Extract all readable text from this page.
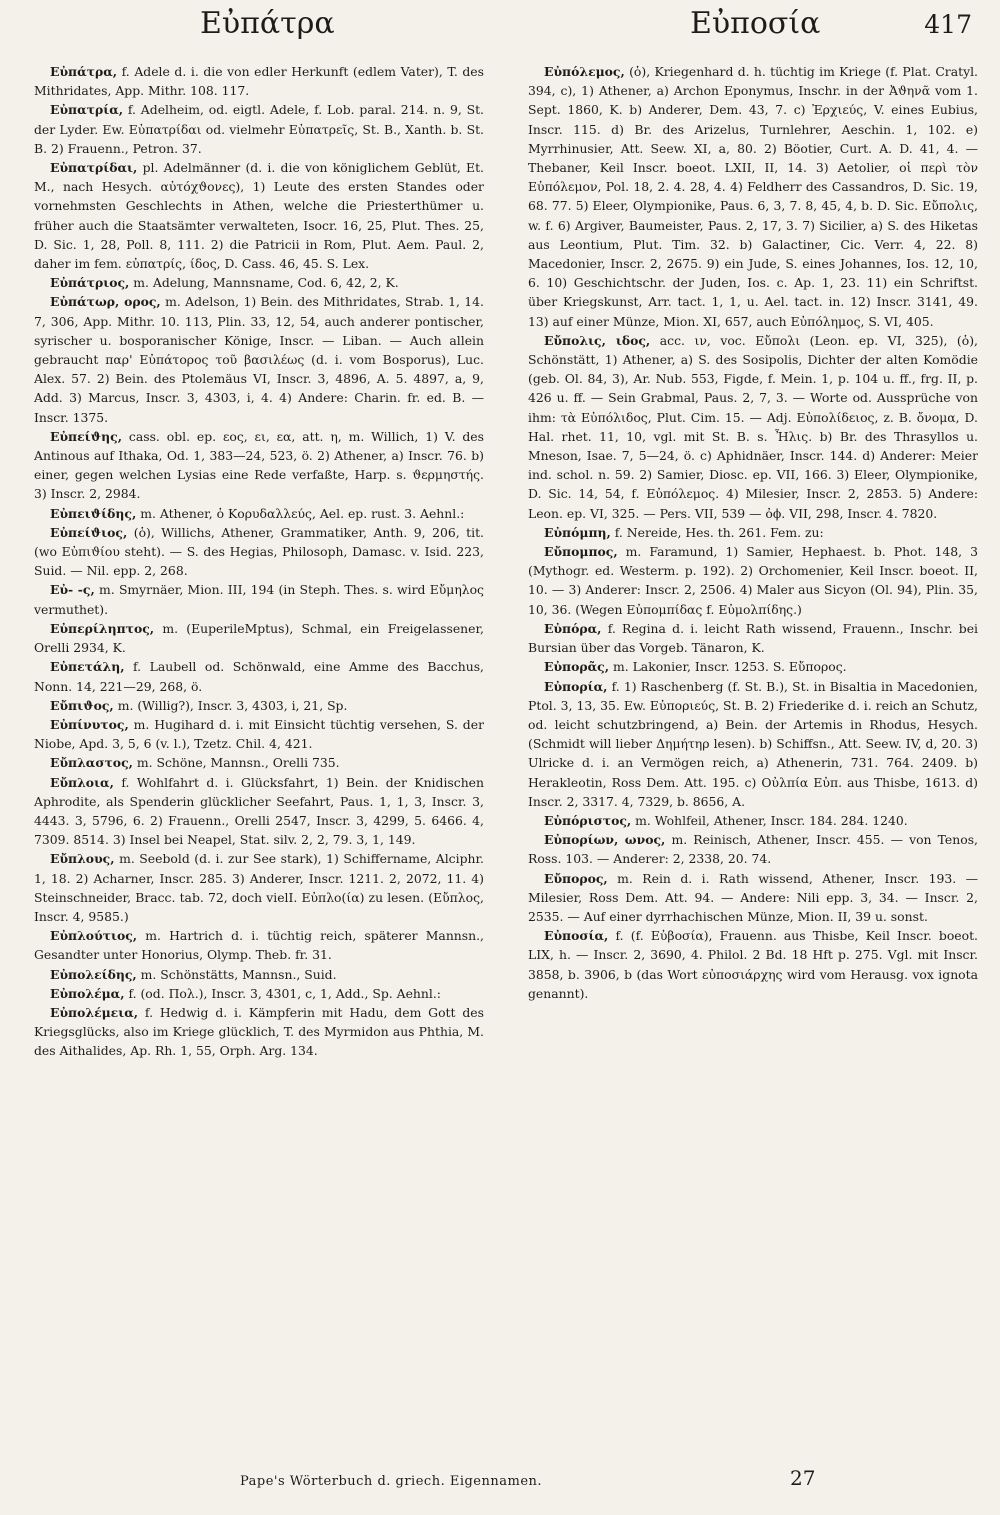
Εὐπάτρα	Εὐποσία	417

Εὐπάτρα, f. Adele d. i. die von edler Herkunft (edlem Vater), T. des Mithridates, App. Mithr. 108. 117.

Εὐπατρία, f. Adelheim, od. eigtl. Adele, f. Lob. paral. 214. n. 9, St. der Lyder. Ew. Εὐπατρίδαι od. vielmehr Εὐπατρεῖς, St. B., Xanth. b. St. B. 2) Frauenn., Petron. 37.

Εὐπατρίδαι, pl. Adelmänner (d. i. die von königlichem Geblüt, Et. M., nach Hesych. αὐτόχϑονες), 1) Leute des ersten Standes oder vornehmsten Geschlechts in Athen, welche die Priesterthümer u. früher auch die Staatsämter verwalteten, Isocr. 16, 25, Plut. Thes. 25, D. Sic. 1, 28, Poll. 8, 111. 2) die Patricii in Rom, Plut. Aem. Paul. 2, daher im fem. εὐπατρίς, ίδος, D. Cass. 46, 45. S. Lex.

Εὐπάτριος, m. Adelung, Mannsname, Cod. 6, 42, 2, K.

Εὐπάτωρ, ορος, m. Adelson, 1) Bein. des Mithridates, Strab. 1, 14. 7, 306, App. Mithr. 10. 113, Plin. 33, 12, 54, auch anderer pontischer, syrischer u. bosporanischer Könige, Inscr. — Liban. — Auch allein gebraucht παρ' Εὐπάτορος τοῦ βασιλέως (d. i. vom Bosporus), Luc. Alex. 57. 2) Bein. des Ptolemäus VI, Inscr. 3, 4896, A. 5. 4897, a, 9, Add. 3) Marcus, Inscr. 3, 4303, i, 4. 4) Andere: Charin. fr. ed. B. — Inscr. 1375.

Εὐπείϑης, cass. obl. ep. εος, ει, εα, att. η, m. Willich, 1) V. des Antinous auf Ithaka, Od. 1, 383—24, 523, ö. 2) Athener, a) Inscr. 76. b) einer, gegen welchen Lysias eine Rede verfaßte, Harp. s. ϑερμηστής. 3) Inscr. 2, 2984.

Εὐπειϑίδης, m. Athener, ὁ Κορυδαλλεύς, Ael. ep. rust. 3. Aehnl.:

Εὐπείϑιος, (ὁ), Willichs, Athener, Grammatiker, Anth. 9, 206, tit. (wo Εὐπιϑίου steht). — S. des Hegias, Philosoph, Damasc. v. Isid. 223, Suid. — Nil. epp. 2, 268.

Εὐ- -ς, m. Smyrnäer, Mion. III, 194 (in Steph. Thes. s. wird Εὔμηλος vermuthet).

Εὐπερίληπτος, m. (EuperileMptus), Schmal, ein Freigelassener, Orelli 2934, K.

Εὐπετάλη, f. Laubell od. Schönwald, eine Amme des Bacchus, Nonn. 14, 221—29, 268, ö.

Εὔπιϑος, m. (Willig?), Inscr. 3, 4303, i, 21, Sp.

Εὐπίνυτος, m. Hugihard d. i. mit Einsicht tüchtig versehen, S. der Niobe, Apd. 3, 5, 6 (v. l.), Tzetz. Chil. 4, 421.

Εὔπλαστος, m. Schöne, Mannsn., Orelli 735.

Εὔπλοια, f. Wohlfahrt d. i. Glücksfahrt, 1) Bein. der Knidischen Aphrodite, als Spenderin glücklicher Seefahrt, Paus. 1, 1, 3, Inscr. 3, 4443. 3, 5796, 6. 2) Frauenn., Orelli 2547, Inscr. 3, 4299, 5. 6466. 4, 7309. 8514. 3) Insel bei Neapel, Stat. silv. 2, 2, 79. 3, 1, 149.

Εὔπλους, m. Seebold (d. i. zur See stark), 1) Schiffername, Alciphr. 1, 18. 2) Acharner, Inscr. 285. 3) Anderer, Inscr. 1211. 2, 2072, 11. 4) Steinschneider, Bracc. tab. 72, doch vielI. Εὐπλο(ία) zu lesen. (Εὔπλος, Inscr. 4, 9585.)

Εὐπλούτιος, m. Hartrich d. i. tüchtig reich, späterer Mannsn., Gesandter unter Honorius, Olymp. Theb. fr. 31.

Εὐπολείδης, m. Schönstätts, Mannsn., Suid.

Εὐπολέμα, f. (od. Πολ.), Inscr. 3, 4301, c, 1, Add., Sp. Aehnl.:

Εὐπολέμεια, f. Hedwig d. i. Kämpferin mit Hadu, dem Gott des Kriegsglücks, also im Kriege glücklich, T. des Myrmidon aus Phthia, M. des Aithalides, Ap. Rh. 1, 55, Orph. Arg. 134.

Εὐπόλεμος, (ὁ), Kriegenhard d. h. tüchtig im Kriege (f. Plat. Cratyl. 394, c), 1) Athener, a) Archon Eponymus, Inschr. in der Ἀϑηνᾶ vom 1. Sept. 1860, K. b) Anderer, Dem. 43, 7. c) Ἐρχιεύς, V. eines Eubius, Inscr. 115. d) Br. des Arizelus, Turnlehrer, Aeschin. 1, 102. e) Myrrhinusier, Att. Seew. XI, a, 80. 2) Böotier, Curt. A. D. 41, 4. — Thebaner, Keil Inscr. boeot. LXII, II, 14. 3) Aetolier, οἱ περὶ τὸν Εὐπόλεμον, Pol. 18, 2. 4. 28, 4. 4) Feldherr des Cassandros, D. Sic. 19, 68. 77. 5) Eleer, Olympionike, Paus. 6, 3, 7. 8, 45, 4, b. D. Sic. Εὔπολις, w. f. 6) Argiver, Baumeister, Paus. 2, 17, 3. 7) Sicilier, a) S. des Hiketas aus Leontium, Plut. Tim. 32. b) Galactiner, Cic. Verr. 4, 22. 8) Macedonier, Inscr. 2, 2675. 9) ein Jude, S. eines Johannes, Ios. 12, 10, 6. 10) Geschichtschr. der Juden, Ios. c. Ap. 1, 23. 11) ein Schriftst. über Kriegskunst, Arr. tact. 1, 1, u. Ael. tact. in. 12) Inscr. 3141, 49. 13) auf einer Münze, Mion. XI, 657, auch Εὐπόλημος, S. VI, 405.

Εὔπολις, ιδος, acc. ιν, voc. Εὔπολι (Leon. ep. VI, 325), (ὁ), Schönstätt, 1) Athener, a) S. des Sosipolis, Dichter der alten Komödie (geb. Ol. 84, 3), Ar. Nub. 553, Figde, f. Mein. 1, p. 104 u. ff., frg. II, p. 426 u. ff. — Sein Grabmal, Paus. 2, 7, 3. — Worte od. Aussprüche von ihm: τὰ Εὐπόλιδος, Plut. Cim. 15. — Adj. Εὐπολίδειος, z. B. ὄνομα, D. Hal. rhet. 11, 10, vgl. mit St. B. s. Ἦλις. b) Br. des Thrasyllos u. Mneson, Isae. 7, 5—24, ö. c) Aphidnäer, Inscr. 144. d) Anderer: Meier ind. schol. n. 59. 2) Samier, Diosc. ep. VII, 166. 3) Eleer, Olympionike, D. Sic. 14, 54, f. Εὐπόλεμος. 4) Milesier, Inscr. 2, 2853. 5) Andere: Leon. ep. VI, 325. — Pers. VII, 539 — ὀϕ. VII, 298, Inscr. 4. 7820.

Εὐπόμπη, f. Nereide, Hes. th. 261. Fem. zu:

Εὔπομπος, m. Faramund, 1) Samier, Hephaest. b. Phot. 148, 3 (Mythogr. ed. Westerm. p. 192). 2) Orchomenier, Keil Inscr. boeot. II, 10. — 3) Anderer: Inscr. 2, 2506. 4) Maler aus Sicyon (Ol. 94), Plin. 35, 10, 36. (Wegen Εὐπομπίδας f. Εὐμολπίδης.)

Εὐπόρα, f. Regina d. i. leicht Rath wissend, Frauenn., Inschr. bei Bursian über das Vorgeb. Tänaron, K.

Εὐπορᾶς, m. Lakonier, Inscr. 1253. S. Εὔπορος.

Εὐπορία, f. 1) Raschenberg (f. St. B.), St. in Bisaltia in Macedonien, Ptol. 3, 13, 35. Ew. Εὐποριεύς, St. B. 2) Friederike d. i. reich an Schutz, od. leicht schutzbringend, a) Bein. der Artemis in Rhodus, Hesych. (Schmidt will lieber Δημήτηρ lesen). b) Schiffsn., Att. Seew. IV, d, 20. 3) Ulricke d. i. an Vermögen reich, a) Athenerin, 731. 764. 2409. b) Herakleotin, Ross Dem. Att. 195. c) Οὐλπία Εὐπ. aus Thisbe, 1613. d) Inscr. 2, 3317. 4, 7329, b. 8656, A.

Εὐπόριστος, m. Wohlfeil, Athener, Inscr. 184. 284. 1240.

Εὐπορίων, ωνος, m. Reinisch, Athener, Inscr. 455. — von Tenos, Ross. 103. — Anderer: 2, 2338, 20. 74.

Εὔπορος, m. Rein d. i. Rath wissend, Athener, Inscr. 193. — Milesier, Ross Dem. Att. 94. — Andere: Nili epp. 3, 34. — Inscr. 2, 2535. — Auf einer dyrrhachischen Münze, Mion. II, 39 u. sonst.

Εὐποσία, f. (f. Εὐβοσία), Frauenn. aus Thisbe, Keil Inscr. boeot. LIX, h. — Inscr. 2, 3690, 4. Philol. 2 Bd. 18 Hft p. 275. Vgl. mit Inscr. 3858, b. 3906, b (das Wort εὐποσιάρχης wird vom Herausg. vox ignota genannt).

Pape's Wörterbuch d. griech. Eigennamen.	27
